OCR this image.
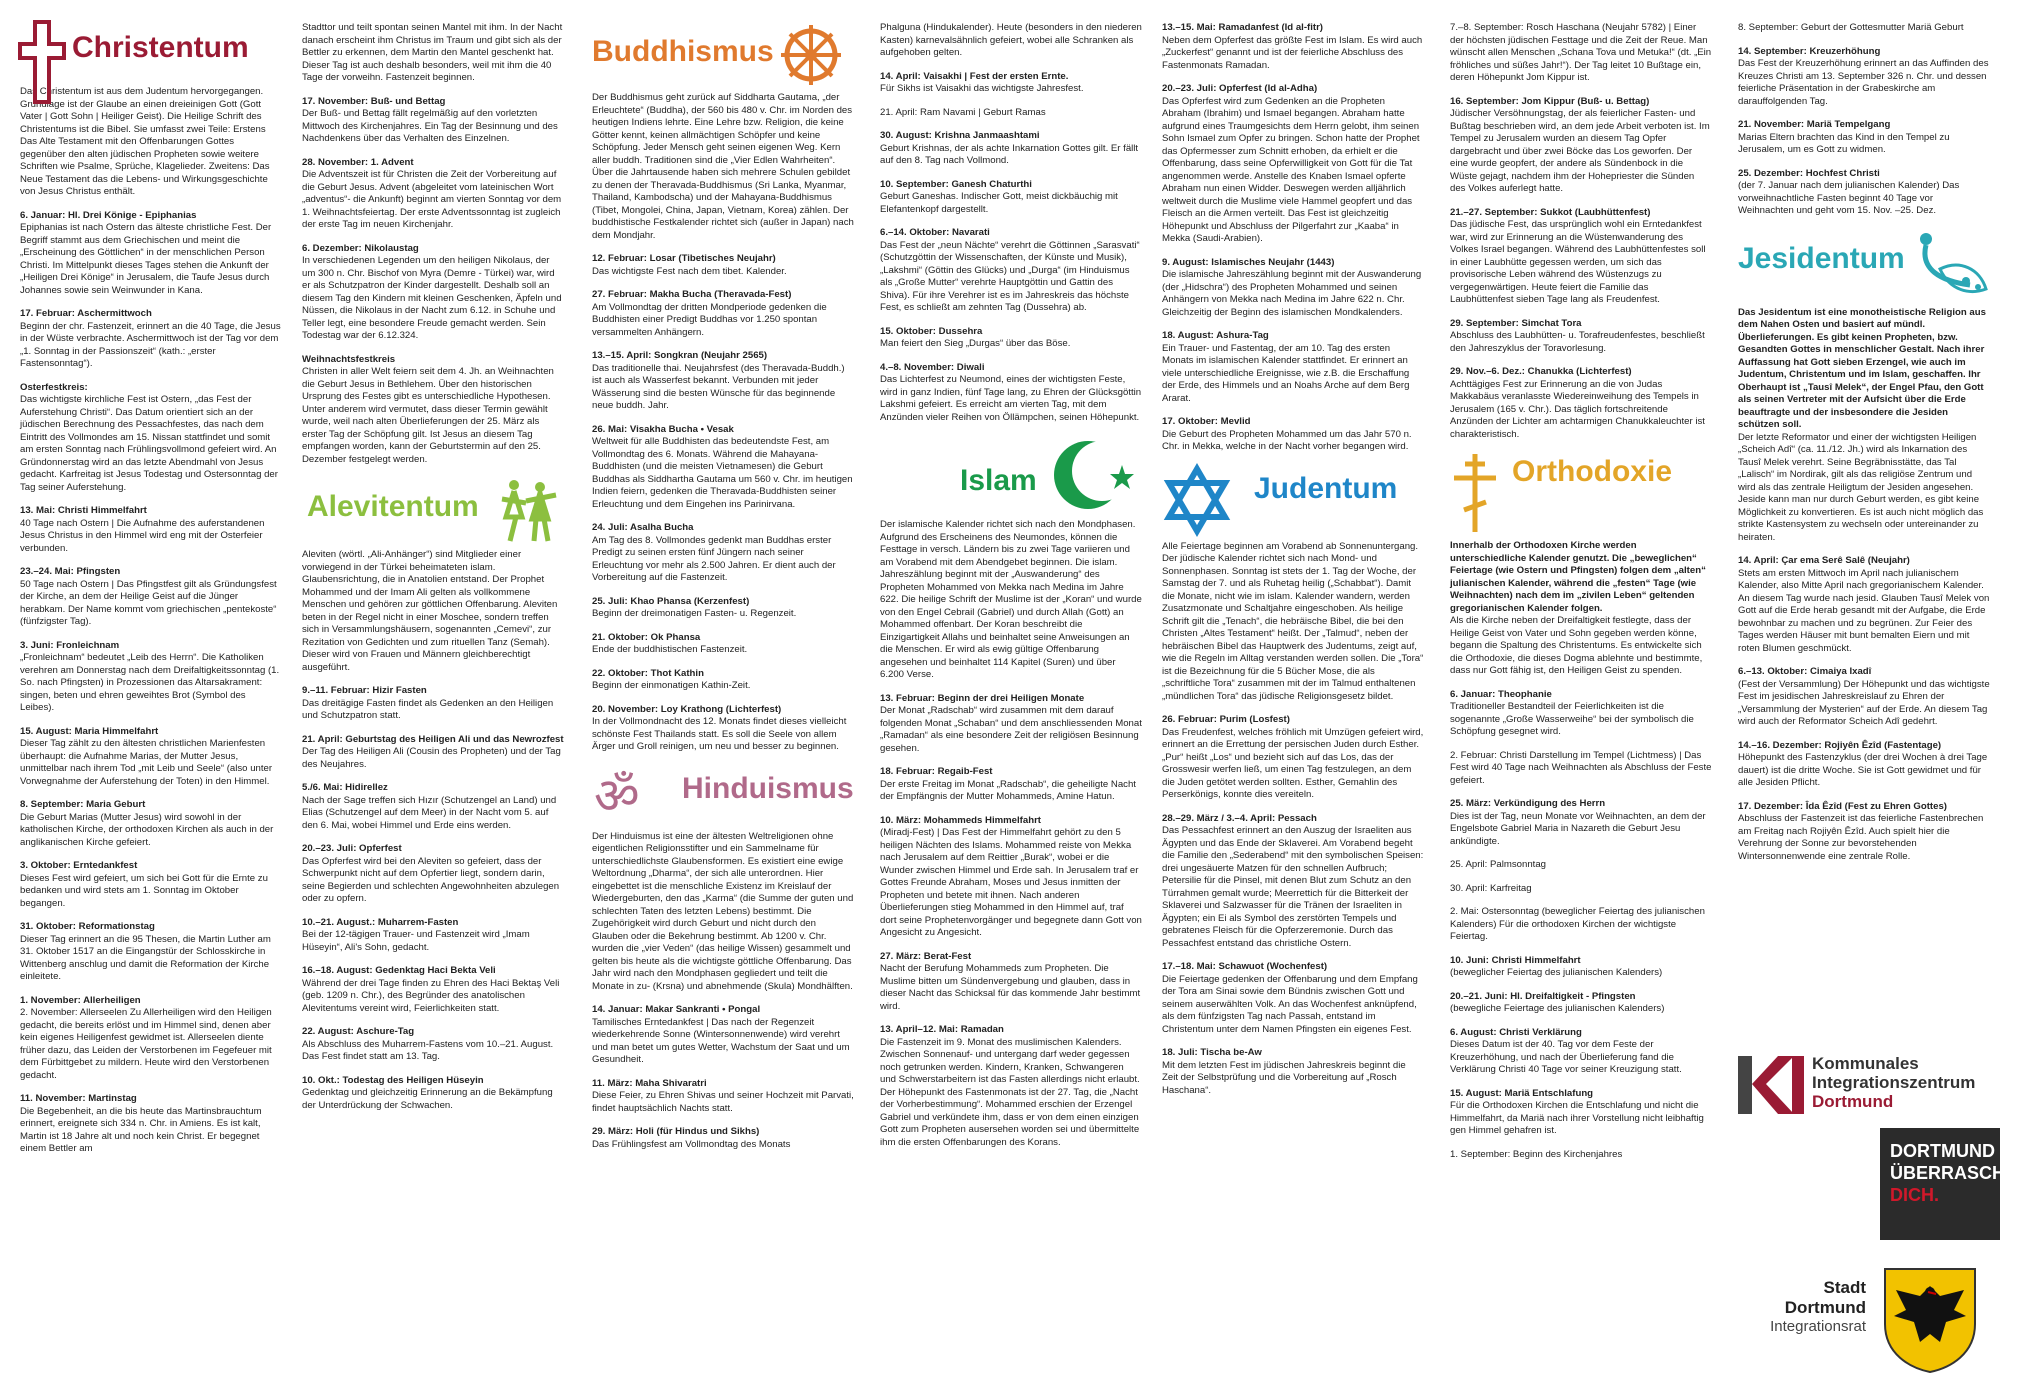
Christentum

Das Christentum ist aus dem Judentum hervorgegangen. Grundlage ist der Glaube an einen dreieinigen Gott (Gott Vater | Gott Sohn | Heiliger Geist). Die Heilige Schrift des Christentums ist die Bibel. Sie umfasst zwei Teile: Erstens Das Alte Testament mit den Offenbarungen Gottes gegenüber den alten jüdischen Propheten sowie weitere Schriften wie Psalme, Sprüche, Klagelieder. Zweitens: Das Neue Testament das die Lebens- und Wirkungsgeschichte von Jesus Christus enthält.

6. Januar: Hl. Drei Könige - Epiphanias
Epiphanias ist nach Ostern das älteste christliche Fest. Der Begriff stammt aus dem Griechischen und meint die „Erscheinung des Göttlichen“ in der menschlichen Person Christi. Im Mittelpunkt dieses Tages stehen die Ankunft der „Heiligen Drei Könige“ in Jerusalem, die Taufe Jesus durch Johannes sowie sein Weinwunder in Kana.

17. Februar: Aschermittwoch
Beginn der chr. Fastenzeit, erinnert an die 40 Tage, die Jesus in der Wüste verbrachte. Aschermittwoch ist der Tag vor dem „1. Sonntag in der Passionszeit“ (kath.: „erster Fastensonntag“).

Osterfestkreis:
Das wichtigste kirchliche Fest ist Ostern, „das Fest der Auferstehung Christi“. Das Datum orientiert sich an der jüdischen Berechnung des Pessachfestes, das nach dem Eintritt des Vollmondes am 15. Nissan stattfindet und somit am ersten Sonntag nach Frühlingsvollmond gefeiert wird. An Gründonnerstag wird an das letzte Abendmahl von Jesus gedacht. Karfreitag ist Jesus Todestag und Ostersonntag der Tag seiner Auferstehung.

13. Mai: Christi Himmelfahrt
40 Tage nach Ostern | Die Aufnahme des auferstandenen Jesus Christus in den Himmel wird eng mit der Osterfeier verbunden.

23.–24. Mai: Pfingsten
50 Tage nach Ostern | Das Pfingstfest gilt als Gründungsfest der Kirche, an dem der Heilige Geist auf die Jünger herabkam. Der Name kommt vom griechischen „pentekoste“ (fünfzigster Tag).

3. Juni: Fronleichnam
„Fronleichnam“ bedeutet „Leib des Herrn“. Die Katholiken verehren am Donnerstag nach dem Dreifaltigkeitssonntag (1. So. nach Pfingsten) in Prozessionen das Altarsakrament: singen, beten und ehren geweihtes Brot (Symbol des Leibes).

15. August: Maria Himmelfahrt
Dieser Tag zählt zu den ältesten christlichen Marienfesten überhaupt: die Aufnahme Marias, der Mutter Jesus, unmittelbar nach ihrem Tod „mit Leib und Seele“ (also unter Vorwegnahme der Auferstehung der Toten) in den Himmel.

8. September: Maria Geburt
Die Geburt Marias (Mutter Jesus) wird sowohl in der katholischen Kirche, der orthodoxen Kirchen als auch in der anglikanischen Kirche gefeiert.

3. Oktober: Erntedankfest
Dieses Fest wird gefeiert, um sich bei Gott für die Ernte zu bedanken und wird stets am 1. Sonntag im Oktober begangen.

31. Oktober: Reformationstag
Dieser Tag erinnert an die 95 Thesen, die Martin Luther am 31. Oktober 1517 an die Eingangstür der Schlosskirche in Wittenberg anschlug und damit die Reformation der Kirche einleitete.

1. November: Allerheiligen
2. November: Allerseelen Zu Allerheiligen wird den Heiligen gedacht, die bereits erlöst und im Himmel sind, denen aber kein eigenes Heiligenfest gewidmet ist. Allerseelen diente früher dazu, das Leiden der Verstorbenen im Fegefeuer mit dem Fürbittgebet zu mildern. Heute wird den Verstorbenen gedacht.

11. November: Martinstag
Die Begebenheit, an die bis heute das Martinsbrauchtum erinnert, ereignete sich 334 n. Chr. in Amiens. Es ist kalt, Martin ist 18 Jahre alt und noch kein Christ. Er begegnet einem Bettler am

Stadttor und teilt spontan seinen Mantel mit ihm. In der Nacht danach erscheint ihm Christus im Traum und gibt sich als der Bettler zu erkennen, dem Martin den Mantel geschenkt hat. Dieser Tag ist auch deshalb besonders, weil mit ihm die 40 Tage der vorweihn. Fastenzeit beginnen.

17. November: Buß- und Bettag
Der Buß- und Bettag fällt regelmäßig auf den vorletzten Mittwoch des Kirchenjahres. Ein Tag der Besinnung und des Nachdenkens über das Verhalten des Einzelnen.

28. November: 1. Advent
Die Adventszeit ist für Christen die Zeit der Vorbereitung auf die Geburt Jesus. Advent (abgeleitet vom lateinischen Wort „adventus“- die Ankunft) beginnt am vierten Sonntag vor dem 1. Weihnachtsfeiertag. Der erste Adventssonntag ist zugleich der erste Tag im neuen Kirchenjahr.

6. Dezember: Nikolaustag
In verschiedenen Legenden um den heiligen Nikolaus, der um 300 n. Chr. Bischof von Myra (Demre - Türkei) war, wird er als Schutzpatron der Kinder dargestellt. Deshalb soll an diesem Tag den Kindern mit kleinen Geschenken, Äpfeln und Nüssen, die Nikolaus in der Nacht zum 6.12. in Schuhe und Teller legt, eine besondere Freude gemacht werden. Sein Todestag war der 6.12.324.

Weihnachtsfestkreis
Christen in aller Welt feiern seit dem 4. Jh. an Weihnachten die Geburt Jesus in Bethlehem. Über den historischen Ursprung des Festes gibt es unterschiedliche Hypothesen. Unter anderem wird vermutet, dass dieser Termin gewählt wurde, weil nach alten Überlieferungen der 25. März als erster Tag der Schöpfung gilt. Ist Jesus an diesem Tag empfangen worden, kann der Geburtstermin auf den 25. Dezember festgelegt werden.

Alevitentum

Aleviten (wörtl. „Ali-Anhänger“) sind Mitglieder einer vorwiegend in der Türkei beheimateten islam. Glaubensrichtung, die in Anatolien entstand. Der Prophet Mohammed und der Imam Ali gelten als vollkommene Menschen und gehören zur göttlichen Offenbarung. Aleviten beten in der Regel nicht in einer Moschee, sondern treffen sich in Versammlungshäusern, sogenannten „Cemevi“, zur Rezitation von Gedichten und zum rituellen Tanz (Semah). Dieser wird von Frauen und Männern gleichberechtigt ausgeführt.

9.–11. Februar: Hizir Fasten
Das dreitägige Fasten findet als Gedenken an den Heiligen und Schutzpatron statt.

21. April: Geburtstag des Heiligen Ali und das Newrozfest
Der Tag des Heiligen Ali (Cousin des Propheten) und der Tag des Neujahres.

5./6. Mai: Hidirellez
Nach der Sage treffen sich Hızır (Schutzengel an Land) und Elias (Schutzengel auf dem Meer) in der Nacht vom 5. auf den 6. Mai, wobei Himmel und Erde eins werden.

20.–23. Juli: Opferfest
Das Opferfest wird bei den Aleviten so gefeiert, dass der Schwerpunkt nicht auf dem Opfertier liegt, sondern darin, seine Begierden und schlechten Angewohnheiten abzulegen oder zu opfern.

10.–21. August.: Muharrem-Fasten
Bei der 12-tägigen Trauer- und Fastenzeit wird „Imam Hüseyin“, Ali's Sohn, gedacht.

16.–18. August: Gedenktag Haci Bekta Veli
Während der drei Tage finden zu Ehren des Haci Bektaş Veli (geb. 1209 n. Chr.), des Begründer des anatolischen Alevitentums vereint wird, Feierlichkeiten statt.

22. August: Aschure-Tag
Als Abschluss des Muharrem-Fastens vom 10.–21. August. Das Fest findet statt am 13. Tag.

10. Okt.: Todestag des Heiligen Hüseyin
Gedenktag und gleichzeitig Erinnerung an die Bekämpfung der Unterdrückung der Schwachen.

Buddhismus

Der Buddhismus geht zurück auf Siddharta Gautama, „der Erleuchtete“ (Buddha), der 560 bis 480 v. Chr. im Norden des heutigen Indiens lehrte. Eine Lehre bzw. Religion, die keine Götter kennt, keinen allmächtigen Schöpfer und keine Schöpfung. Jeder Mensch geht seinen eigenen Weg. Kern aller buddh. Traditionen sind die „Vier Edlen Wahrheiten“. Über die Jahrtausende haben sich mehrere Schulen gebildet zu denen der Theravada-Buddhismus (Sri Lanka, Myanmar, Thailand, Kambodscha) und der Mahayana-Buddhismus (Tibet, Mongolei, China, Japan, Vietnam, Korea) zählen. Der buddhistische Festkalender richtet sich (außer in Japan) nach dem Mondjahr.

12. Februar: Losar (Tibetisches Neujahr)
Das wichtigste Fest nach dem tibet. Kalender.

27. Februar: Makha Bucha (Theravada-Fest)
Am Vollmondtag der dritten Mondperiode gedenken die Buddhisten einer Predigt Buddhas vor 1.250 spontan versammelten Anhängern.

13.–15. April: Songkran (Neujahr 2565)
Das traditionelle thai. Neujahrsfest (des Theravada-Buddh.) ist auch als Wasserfest bekannt. Verbunden mit jeder Wässerung sind die besten Wünsche für das beginnende neue buddh. Jahr.

26. Mai: Visakha Bucha • Vesak
Weltweit für alle Buddhisten das bedeutendste Fest, am Vollmondtag des 6. Monats. Während die Mahayana-Buddhisten (und die meisten Vietnamesen) die Geburt Buddhas als Siddhartha Gautama um 560 v. Chr. im heutigen Indien feiern, gedenken die Theravada-Buddhisten seiner Erleuchtung und dem Eingehen ins Parinirvana.

24. Juli: Asalha Bucha
Am Tag des 8. Vollmondes gedenkt man Buddhas erster Predigt zu seinen ersten fünf Jüngern nach seiner Erleuchtung vor mehr als 2.500 Jahren. Er dient auch der Vorbereitung auf die Fastenzeit.

25. Juli: Khao Phansa (Kerzenfest)
Beginn der dreimonatigen Fasten- u. Regenzeit.

21. Oktober: Ok Phansa
Ende der buddhistischen Fastenzeit.

22. Oktober: Thot Kathin
Beginn der einmonatigen Kathin-Zeit.

20. November: Loy Krathong (Lichterfest)
In der Vollmondnacht des 12. Monats findet dieses vielleicht schönste Fest Thailands statt. Es soll die Seele von allem Ärger und Groll reinigen, um neu und besser zu beginnen.

ॐ Hinduismus

Der Hinduismus ist eine der ältesten Weltreligionen ohne eigentlichen Religionsstifter und ein Sammelname für unterschiedlichste Glaubensformen. Es existiert eine ewige Weltordnung „Dharma“, der sich alle unterordnen. Hier eingebettet ist die menschliche Existenz im Kreislauf der Wiedergeburten, den das „Karma“ (die Summe der guten und schlechten Taten des letzten Lebens) bestimmt. Die Zugehörigkeit wird durch Geburt und nicht durch den Glauben oder die Bekehrung bestimmt. Ab 1200 v. Chr. wurden die „vier Veden“ (das heilige Wissen) gesammelt und gelten bis heute als die wichtigste göttliche Offenbarung. Das Jahr wird nach den Mondphasen gegliedert und teilt die Monate in zu- (Krsna) und abnehmende (Skula) Mondhälften.

14. Januar: Makar Sankranti • Pongal
Tamilisches Erntedankfest | Das nach der Regenzeit wiederkehrende Sonne (Wintersonnenwende) wird verehrt und man betet um gutes Wetter, Wachstum der Saat und um Gesundheit.

11. März: Maha Shivaratri
Diese Feier, zu Ehren Shivas und seiner Hochzeit mit Parvati, findet hauptsächlich Nachts statt.

29. März: Holi (für Hindus und Sikhs)
Das Frühlingsfest am Vollmondtag des Monats

Phalguna (Hindukalender). Heute (besonders in den niederen Kasten) karnevalsähnlich gefeiert, wobei alle Schranken als aufgehoben gelten.

14. April: Vaisakhi | Fest der ersten Ernte.
Für Sikhs ist Vaisakhi das wichtigste Jahresfest.

21. April: Ram Navami | Geburt Ramas

30. August: Krishna Janmaashtami
Geburt Krishnas, der als achte Inkarnation Gottes gilt. Er fällt auf den 8. Tag nach Vollmond.

10. September: Ganesh Chaturthi
Geburt Ganeshas. Indischer Gott, meist dickbäuchig mit Elefantenkopf dargestellt.

6.–14. Oktober: Navarati
Das Fest der „neun Nächte“ verehrt die Göttinnen „Sarasvati“ (Schutzgöttin der Wissenschaften, der Künste und Musik), „Lakshmi“ (Göttin des Glücks) und „Durga“ (im Hinduismus als „Große Mutter“ verehrte Hauptgöttin und Gattin des Shiva). Für ihre Verehrer ist es im Jahreskreis das höchste Fest, es schließt am zehnten Tag (Dussehra) ab.

15. Oktober: Dussehra
Man feiert den Sieg „Durgas“ über das Böse.

4.–8. November: Diwali
Das Lichterfest zu Neumond, eines der wichtigsten Feste, wird in ganz Indien, fünf Tage lang, zu Ehren der Glücksgöttin Lakshmi gefeiert. Es erreicht am vierten Tag, mit dem Anzünden vieler Reihen von Öllämpchen, seinen Höhepunkt.

Islam

Der islamische Kalender richtet sich nach den Mondphasen. Aufgrund des Erscheinens des Neumondes, können die Festtage in versch. Ländern bis zu zwei Tage variieren und am Vorabend mit dem Abendgebet beginnen. Die islam. Jahreszählung beginnt mit der „Auswanderung“ des Propheten Mohammed von Mekka nach Medina im Jahre 622. Die heilige Schrift der Muslime ist der „Koran“ und wurde von den Engel Cebrail (Gabriel) und durch Allah (Gott) an Mohammed offenbart. Der Koran beschreibt die Einzigartigkeit Allahs und beinhaltet seine Anweisungen an die Menschen. Er wird als ewig gültige Offenbarung angesehen und beinhaltet 114 Kapitel (Suren) und über 6.200 Verse.

13. Februar: Beginn der drei Heiligen Monate
Der Monat „Radschab“ wird zusammen mit dem darauf folgenden Monat „Schaban“ und dem anschliessenden Monat „Ramadan“ als eine besondere Zeit der religiösen Besinnung gesehen.

18. Februar: Regaib-Fest
Der erste Freitag im Monat „Radschab“, die geheiligte Nacht der Empfängnis der Mutter Mohammeds, Amine Hatun.

10. März: Mohammeds Himmelfahrt
(Miradj-Fest) | Das Fest der Himmelfahrt gehört zu den 5 heiligen Nächten des Islams. Mohammed reiste von Mekka nach Jerusalem auf dem Reittier „Burak“, wobei er die Wunder zwischen Himmel und Erde sah. In Jerusalem traf er Gottes Freunde Abraham, Moses und Jesus inmitten der Propheten und betete mit ihnen. Nach anderen Überlieferungen stieg Mohammed in den Himmel auf, traf dort seine Prophetenvorgänger und begegnete dann Gott von Angesicht zu Angesicht.

27. März: Berat-Fest
Nacht der Berufung Mohammeds zum Propheten. Die Muslime bitten um Sündenvergebung und glauben, dass in dieser Nacht das Schicksal für das kommende Jahr bestimmt wird.

13. April–12. Mai: Ramadan
Die Fastenzeit im 9. Monat des muslimischen Kalenders. Zwischen Sonnenauf- und untergang darf weder gegessen noch getrunken werden. Kindern, Kranken, Schwangeren und Schwerstarbeitern ist das Fasten allerdings nicht erlaubt. Der Höhepunkt des Fastenmonats ist der 27. Tag, die „Nacht der Vorherbestimmung“. Mohammed erschien der Erzengel Gabriel und verkündete ihm, dass er von dem einen einzigen Gott zum Propheten ausersehen worden sei und übermittelte ihm die ersten Offenbarungen des Korans.

13.–15. Mai: Ramadanfest (Id al-fitr)
Neben dem Opferfest das größte Fest im Islam. Es wird auch „Zuckerfest“ genannt und ist der feierliche Abschluss des Fastenmonats Ramadan.

20.–23. Juli: Opferfest (Id al-Adha)
Das Opferfest wird zum Gedenken an die Propheten Abraham (Ibrahim) und Ismael begangen. Abraham hatte aufgrund eines Traumgesichts dem Herrn gelobt, ihm seinen Sohn Ismael zum Opfer zu bringen. Schon hatte der Prophet das Opfermesser zum Schnitt erhoben, da erhielt er die Offenbarung, dass seine Opferwilligkeit von Gott für die Tat angenommen werde. Anstelle des Knaben Ismael opferte Abraham nun einen Widder. Deswegen werden alljährlich weltweit durch die Muslime viele Hammel geopfert und das Fleisch an die Armen verteilt. Das Fest ist gleichzeitig Höhepunkt und Abschluss der Pilgerfahrt zur „Kaaba“ in Mekka (Saudi-Arabien).

9. August: Islamisches Neujahr (1443)
Die islamische Jahreszählung beginnt mit der Auswanderung (der „Hidschra“) des Propheten Mohammed und seinen Anhängern von Mekka nach Medina im Jahre 622 n. Chr. Gleichzeitig der Beginn des islamischen Mondkalenders.

18. August: Ashura-Tag
Ein Trauer- und Fastentag, der am 10. Tag des ersten Monats im islamischen Kalender stattfindet. Er erinnert an viele unterschiedliche Ereignisse, wie z.B. die Erschaffung der Erde, des Himmels und an Noahs Arche auf dem Berg Ararat.

17. Oktober: Mevlid
Die Geburt des Propheten Mohammed um das Jahr 570 n. Chr. in Mekka, welche in der Nacht vorher begangen wird.

Judentum

Alle Feiertage beginnen am Vorabend ab Sonnenuntergang. Der jüdische Kalender richtet sich nach Mond- und Sonnenphasen. Sonntag ist stets der 1. Tag der Woche, der Samstag der 7. und als Ruhetag heilig („Schabbat“). Damit die Monate, nicht wie im islam. Kalender wandern, werden Zusatzmonate und Schaltjahre eingeschoben. Als heilige Schrift gilt die „Tenach“, die hebräische Bibel, die bei den Christen „Altes Testament“ heißt. Der „Talmud“, neben der hebräischen Bibel das Hauptwerk des Judentums, zeigt auf, wie die Regeln im Alltag verstanden werden sollen. Die „Tora“ ist die Bezeichnung für die 5 Bücher Mose, die als „schriftliche Tora“ zusammen mit der im Talmud enthaltenen „mündlichen Tora“ das jüdische Religionsgesetz bildet.

26. Februar: Purim (Losfest)
Das Freudenfest, welches fröhlich mit Umzügen gefeiert wird, erinnert an die Errettung der persischen Juden durch Esther. „Pur“ heißt „Los“ und bezieht sich auf das Los, das der Grosswesir werfen ließ, um einen Tag festzulegen, an dem die Juden getötet werden sollten. Esther, Gemahlin des Perserkönigs, konnte dies vereiteln.

28.–29. März / 3.–4. April: Pessach
Das Pessachfest erinnert an den Auszug der Israeliten aus Ägypten und das Ende der Sklaverei. Am Vorabend begeht die Familie den „Sederabend“ mit den symbolischen Speisen: drei ungesäuerte Matzen für den schnellen Aufbruch; Petersilie für die Pinsel, mit denen Blut zum Schutz an den Türrahmen gemalt wurde; Meerrettich für die Bitterkeit der Sklaverei und Salzwasser für die Tränen der Israeliten in Ägypten; ein Ei als Symbol des zerstörten Tempels und gebratenes Fleisch für die Opferzeremonie. Durch das Pessachfest entstand das christliche Ostern.

17.–18. Mai: Schawuot (Wochenfest)
Die Feiertage gedenken der Offenbarung und dem Empfang der Tora am Sinai sowie dem Bündnis zwischen Gott und seinem auserwählten Volk. An das Wochenfest anknüpfend, als dem fünfzigsten Tag nach Passah, entstand im Christentum unter dem Namen Pfingsten ein eigenes Fest.

18. Juli: Tischa be-Aw
Mit dem letzten Fest im jüdischen Jahreskreis beginnt die Zeit der Selbstprüfung und die Vorbereitung auf „Rosch Haschana“.

7.–8. September: Rosch Haschana (Neujahr 5782) | Einer der höchsten jüdischen Festtage und die Zeit der Reue. Man wünscht allen Menschen „Schana Tova und Metuka!“ (dt. „Ein fröhliches und süßes Jahr!“). Der Tag leitet 10 Bußtage ein, deren Höhepunkt Jom Kippur ist.

16. September: Jom Kippur (Buß- u. Bettag)
Jüdischer Versöhnungstag, der als feierlicher Fasten- und Bußtag beschrieben wird, an dem jede Arbeit verboten ist. Im Tempel zu Jerusalem wurden an diesem Tag Opfer dargebracht und über zwei Böcke das Los geworfen. Der eine wurde geopfert, der andere als Sündenbock in die Wüste gejagt, nachdem ihm der Hohepriester die Sünden des Volkes auferlegt hatte.

21.–27. September: Sukkot (Laubhüttenfest)
Das jüdische Fest, das ursprünglich wohl ein Erntedankfest war, wird zur Erinnerung an die Wüstenwanderung des Volkes Israel begangen. Während des Laubhüttenfestes soll in einer Laubhütte gegessen werden, um sich das provisorische Leben während des Wüstenzugs zu vergegenwärtigen. Heute feiert die Familie das Laubhüttenfest sieben Tage lang als Freudenfest.

29. September: Simchat Tora
Abschluss des Laubhütten- u. Torafreudenfestes, beschließt den Jahreszyklus der Toravorlesung.

29. Nov.–6. Dez.: Chanukka (Lichterfest)
Achttägiges Fest zur Erinnerung an die von Judas Makkabäus veranlasste Wiedereinweihung des Tempels in Jerusalem (165 v. Chr.). Das täglich fortschreitende Anzünden der Lichter am achtarmigen Chanukkaleuchter ist charakteristisch.

Orthodoxie

Innerhalb der Orthodoxen Kirche werden unterschiedliche Kalender genutzt. Die „beweglichen“ Feiertage (wie Ostern und Pfingsten) folgen dem „alten“ julianischen Kalender, während die „festen“ Tage (wie Weihnachten) nach dem im „zivilen Leben“ geltenden gregorianischen Kalender folgen.
Als die Kirche neben der Dreifaltigkeit festlegte, dass der Heilige Geist von Vater und Sohn gegeben werden könne, begann die Spaltung des Christentums. Es entwickelte sich die Orthodoxie, die dieses Dogma ablehnte und bestimmte, dass nur Gott fähig ist, den Heiligen Geist zu spenden.

6. Januar: Theophanie
Traditioneller Bestandteil der Feierlichkeiten ist die sogenannte „Große Wasserweihe“ bei der symbolisch die Schöpfung gesegnet wird.

2. Februar: Christi Darstellung im Tempel (Lichtmess) | Das Fest wird 40 Tage nach Weihnachten als Abschluss der Feste gefeiert.

25. März: Verkündigung des Herrn
Dies ist der Tag, neun Monate vor Weihnachten, an dem der Engelsbote Gabriel Maria in Nazareth die Geburt Jesu ankündigte.

25. April: Palmsonntag

30. April: Karfreitag

2. Mai: Ostersonntag (beweglicher Feiertag des julianischen Kalenders) Für die orthodoxen Kirchen der wichtigste Feiertag.

10. Juni: Christi Himmelfahrt
(beweglicher Feiertag des julianischen Kalenders)

20.–21. Juni: Hl. Dreifaltigkeit - Pfingsten
(bewegliche Feiertage des julianischen Kalenders)

6. August: Christi Verklärung
Dieses Datum ist der 40. Tag vor dem Feste der Kreuzerhöhung, und nach der Überlieferung fand die Verklärung Christi 40 Tage vor seiner Kreuzigung statt.

15. August: Mariä Entschlafung
Für die Orthodoxen Kirchen die Entschlafung und nicht die Himmelfahrt, da Mariä nach ihrer Vorstellung nicht leibhaftig gen Himmel gehafren ist.

1. September: Beginn des Kirchenjahres

8. September: Geburt der Gottesmutter Mariä Geburt

14. September: Kreuzerhöhung
Das Fest der Kreuzerhöhung erinnert an das Auffinden des Kreuzes Christi am 13. September 326 n. Chr. und dessen feierliche Präsentation in der Grabeskirche am darauffolgenden Tag.

21. November: Mariä Tempelgang
Marias Eltern brachten das Kind in den Tempel zu Jerusalem, um es Gott zu widmen.

25. Dezember: Hochfest Christi
(der 7. Januar nach dem julianischen Kalender) Das vorweihnachtliche Fasten beginnt 40 Tage vor Weihnachten und geht vom 15. Nov. –25. Dez.

Jesidentum

Das Jesidentum ist eine monotheistische Religion aus dem Nahen Osten und basiert auf mündl. Überlieferungen. Es gibt keinen Propheten, bzw. Gesandten Gottes in menschlicher Gestalt. Nach ihrer Auffassung hat Gott sieben Erzengel, wie auch im Judentum, Christentum und im Islam, geschaffen. Ihr Oberhaupt ist „Tausî Melek“, der Engel Pfau, den Gott als seinen Vertreter mit der Aufsicht über die Erde beauftragte und der insbesondere die Jesiden schützen soll.
Der letzte Reformator und einer der wichtigsten Heiligen „Scheich Adî“ (ca. 11./12. Jh.) wird als Inkarnation des Tausî Melek verehrt. Seine Begräbnisstätte, das Tal „Lalisch“ im Nordirak, gilt als das religiöse Zentrum und wird als das zentrale Heiligtum der Jesiden angesehen. Jeside kann man nur durch Geburt werden, es gibt keine Möglichkeit zu konvertieren. Es ist auch nicht möglich das strikte Kastensystem zu wechseln oder untereinander zu heiraten.

14. April: Çar ema Serê Salê (Neujahr)
Stets am ersten Mittwoch im April nach julianischem Kalender, also Mitte April nach gregorianischem Kalender. An diesem Tag wurde nach jesid. Glauben Tausî Melek von Gott auf die Erde herab gesandt mit der Aufgabe, die Erde bewohnbar zu machen und zu begrünen. Zur Feier des Tages werden Häuser mit bunt bemalten Eiern und mit roten Blumen geschmückt.

6.–13. Oktober: Cimaiya Ixadî
(Fest der Versammlung) Der Höhepunkt und das wichtigste Fest im jesidischen Jahreskreislauf zu Ehren der „Versammlung der Mysterien“ auf der Erde. An diesem Tag wird auch der Reformator Scheich Adî gedehrt.

14.–16. Dezember: Rojiyên Êzîd (Fastentage)
Höhepunkt des Fastenzyklus (der drei Wochen à drei Tage dauert) ist die dritte Woche. Sie ist Gott gewidmet und für alle Jesiden Pflicht.

17. Dezember: Îda Êzîd (Fest zu Ehren Gottes)
Abschluss der Fastenzeit ist das feierliche Fastenbrechen am Freitag nach Rojiyên Êzîd. Auch spielt hier die Verehrung der Sonne zur bevorstehenden Wintersonnenwende eine zentrale Rolle.

Kommunales
Integrationszentrum
Dortmund
DORTMUND
ÜBERRASCHT.
DICH.
Stadt Dortmund
Integrationsrat
